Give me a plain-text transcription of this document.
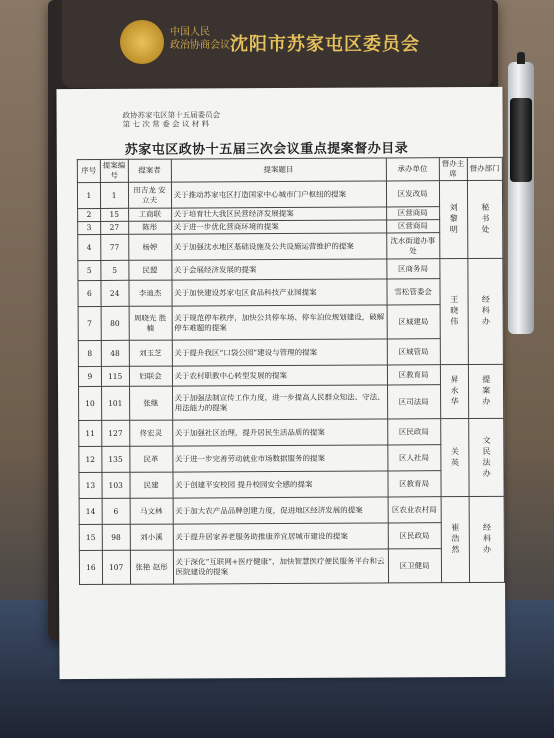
中国人民
政治协商会议 沈阳市苏家屯区委员会
政协苏家屯区第十五届委员会
第 七 次 常 委 会 议 材 料
苏家屯区政协十五届三次会议重点提案督办目录
序号	提案编号	提案者	提案题目	承办单位	督办主席	督办部门
1	1	田吉龙 安立夫	关于推动苏家屯区打造国家中心城市门户枢纽的提案	区发改局	刘黎明	秘书处

2	15	工商联	关于培育壮大我区民营经济发展提案	区营商局		
3	27	陈彤	关于进一步优化营商环境的提案	区营商局		
4	77	杨婷	关于加强沈水地区基础设施及公共设施运营维护的提案	沈水街道办事处		
5	5	民盟	关于会展经济发展的提案	区商务局	王晓伟	经科办

6	24	李迪杰	关于加快建设苏家屯区食品科技产业园提案	雪松管委会		
7	80	周晓光 胜楠	关于规范停车秩序，加快公共停车场、停车泊位规划建设，破解停车难题的提案	区城建局		
8	48	刘玉芝	关于提升我区“口袋公园”建设与管理的提案	区城管局		
9	115	妇联会	关于农村职教中心转型发展的提案	区教育局	昇永华	提案办

10	101	张继	关于加强法制宣传工作力度，进一步提高人民群众知法、守法、用法能力的提案	区司法局		
11	127	佟宏灵	关于加强社区治理，提升居民生活品质的提案	区民政局	关英	文民法办

12	135	民革	关于进一步完善劳动就业市场数据服务的提案	区人社局		
13	103	民建	关于创建平安校园 提升校园安全感的提案	区教育局		
14	6	马文林	关于加大农产品品牌创建力度，促进地区经济发展的提案	区农业农村局	崔浩然	经科办

15	98	刘小溪	关于提升居家养老服务助推康养宜居城市建设的提案	区民政局		
16	107	张艳 赵彤	关于深化“互联网+医疗健康”，加快智慧医疗便民服务平台和云医院建设的提案	区卫健局		
